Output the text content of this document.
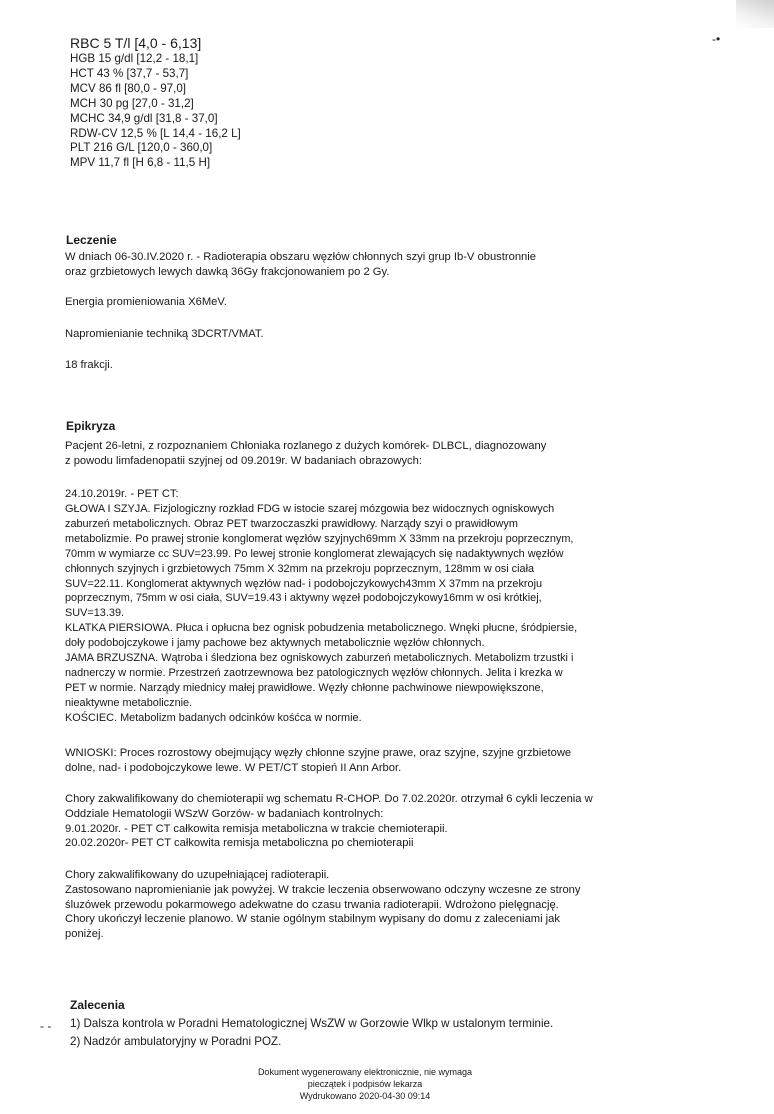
-•
- -
RBC 5 T/l [4,0 - 6,13]
HGB 15 g/dl [12,2 - 18,1]
HCT 43 % [37,7 - 53,7]
MCV 86 fl [80,0 - 97,0]
MCH 30 pg [27,0 - 31,2]
MCHC 34,9 g/dl [31,8 - 37,0]
RDW-CV 12,5 % [L 14,4 - 16,2 L]
PLT 216 G/L [120,0 - 360,0]
MPV 11,7 fl [H 6,8 - 11,5 H]
Leczenie
W dniach 06-30.IV.2020 r. - Radioterapia obszaru węzłów chłonnych szyi grup Ib-V obustronnie
oraz grzbietowych lewych dawką 36Gy frakcjonowaniem po 2 Gy.
Energia promieniowania X6MeV.
Napromienianie techniką 3DCRT/VMAT.
18 frakcji.
Epikryza
Pacjent 26-letni, z rozpoznaniem Chłoniaka rozlanego z dużych komórek- DLBCL, diagnozowany
z powodu limfadenopatii szyjnej od 09.2019r. W badaniach obrazowych:
24.10.2019r. - PET CT:
GŁOWA I SZYJA. Fizjologiczny rozkład FDG w istocie szarej mózgowia bez widocznych ogniskowych
zaburzeń metabolicznych. Obraz PET twarzoczaszki prawidłowy. Narządy szyi o prawidłowym
metabolizmie. Po prawej stronie konglomerat węzłów szyjnych69mm X 33mm na przekroju poprzecznym,
70mm w wymiarze cc SUV=23.99. Po lewej stronie konglomerat zlewających się nadaktywnych węzłów
chłonnych szyjnych i grzbietowych 75mm X 32mm na przekroju poprzecznym, 128mm w osi ciała
SUV=22.11. Konglomerat aktywnych węzłów nad- i podobojczykowych43mm X 37mm na przekroju
poprzecznym, 75mm w osi ciała, SUV=19.43 i aktywny węzeł podobojczykowy16mm w osi krótkiej,
SUV=13.39.
KLATKA PIERSIOWA. Płuca i opłucna bez ognisk pobudzenia metabolicznego. Wnęki płucne, śródpiersie,
doły podobojczykowe i jamy pachowe bez aktywnych metabolicznie węzłów chłonnych.
JAMA BRZUSZNA. Wątroba i śledziona bez ogniskowych zaburzeń metabolicznych. Metabolizm trzustki i
nadnerczy w normie. Przestrzeń zaotrzewnowa bez patologicznych węzłów chłonnych. Jelita i krezka w
PET w normie. Narządy miednicy małej prawidłowe. Węzły chłonne pachwinowe niewpowiększone,
nieaktywne metabolicznie.
KOŚCIEC. Metabolizm badanych odcinków kośćca w normie.
WNIOSKI: Proces rozrostowy obejmujący węzły chłonne szyjne prawe, oraz szyjne, szyjne grzbietowe
dolne, nad- i podobojczykowe lewe. W PET/CT stopień II Ann Arbor.
Chory zakwalifikowany do chemioterapii wg schematu R-CHOP. Do 7.02.2020r. otrzymał 6 cykli leczenia w
Oddziale Hematologii WSzW Gorzów- w badaniach kontrolnych:
9.01.2020r. - PET CT całkowita remisja metaboliczna w trakcie chemioterapii.
20.02.2020r- PET CT całkowita remisja metaboliczna po chemioterapii
Chory zakwalifikowany do uzupełniającej radioterapii.
Zastosowano napromienianie jak powyżej. W trakcie leczenia obserwowano odczyny wczesne ze strony
śluzówek przewodu pokarmowego adekwatne do czasu trwania radioterapii. Wdrożono pielęgnację.
Chory ukończył leczenie planowo. W stanie ogólnym stabilnym wypisany do domu z zaleceniami jak
poniżej.
Zalecenia
1) Dalsza kontrola w Poradni Hematologicznej WsZW w Gorzowie Wlkp w ustalonym terminie.
2) Nadzór ambulatoryjny w Poradni POZ.
Dokument wygenerowany elektronicznie, nie wymaga
pieczątek i podpisów lekarza
Wydrukowano 2020-04-30 09:14
